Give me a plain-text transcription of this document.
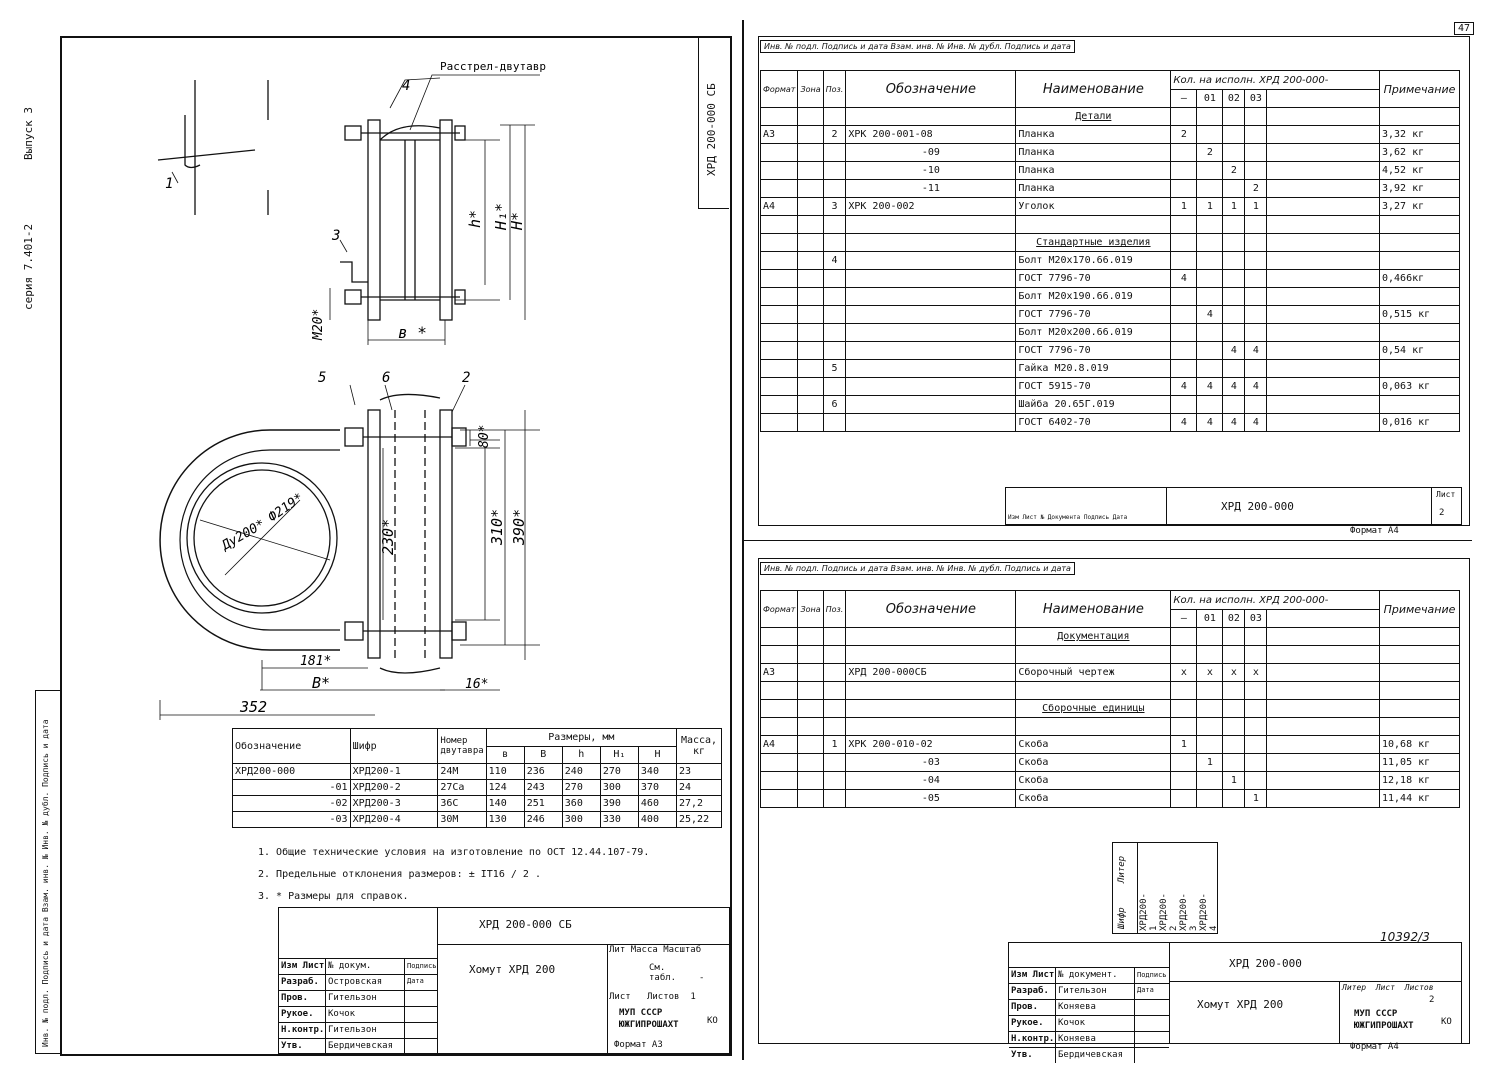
серия 7.401-2
Выпуск 3
Инв. № подл. Подпись и дата Взам. инв. № Инв. № дубл. Подпись и дата
ХРД 200-000 СБ
Расстрел-двутавр
4
1
3
5	6	2
в *
M20*
h* H₁*
H*
80*
230*	310* 390*
Дy200*
Ф219*
181*
B*
352
16*
Обозначение	Шифр	Номер двутавра	Размеры, мм					Масса, кг
			в	B	h	H₁	H	
ХРД200-000	ХРД200-1	24M	110	236	240	270	340	23
-01	ХРД200-2	27Cа	124	243	270	300	370	24
-02	ХРД200-3	36C	140	251	360	390	460	27,2
-03	ХРД200-4	30M	130	246	300	330	400	25,22
1. Общие технические условия на изготовление по ОСТ 12.44.107-79.
2. Предельные отклонения размеров: ± IT16 / 2 .
3. * Размеры для справок.
ХРД 200-000 СБ
Хомут ХРД 200
Лит Масса Масштаб
См. табл.	-
Лист Листов 1
МУП СССР
ЮЖГИПРОШАХТ	КО
Формат А3
Изм Лист № докум.	Подпись Дата
Разраб.	Островская
Пров.	Гительзон
Рукое.	Кочок
Н.контр. Гительзон
Утв.	Бердичевская
47
Инв. № подл. Подпись и дата Взам. инв. № Инв. № дубл. Подпись и дата
Формат	Зона	Поз.	Обозначение	Наименование	Кол. на исполн. ХРД 200-000-					Примечание
					–	01	02	03		
				Детали						
А3		2	ХРК 200-001-08	Планка	2					3,32 кг
			-09	Планка		2				3,62 кг
			-10	Планка			2			4,52 кг
			-11	Планка				2		3,92 кг
А4		3	ХРК 200-002	Уголок	1	1	1	1		3,27 кг

				Стандартные изделия						
		4		Болт М20х170.66.019						
				ГОСТ 7796-70	4					0,466кг
				Болт М20х190.66.019						
				ГОСТ 7796-70		4				0,515 кг
				Болт М20х200.66.019						
				ГОСТ 7796-70			4	4		0,54 кг
		5		Гайка М20.8.019						
				ГОСТ 5915-70	4	4	4	4		0,063 кг
		6		Шайба 20.65Г.019						
				ГОСТ 6402-70	4	4	4	4		0,016 кг
ХРД 200-000
Лист
2
Изм Лист № Документа Подпись Дата
Формат А4
Инв. № подл. Подпись и дата Взам. инв. № Инв. № дубл. Подпись и дата
Формат	Зона	Поз.	Обозначение	Наименование	Кол. на исполн. ХРД 200-000-					Примечание
					–	01	02	03		
				Документация						

А3			ХРД 200-000СБ	Сборочный чертеж	x	x	x	x		

				Сборочные единицы						

А4		1	ХРК 200-010-02	Скоба	1					10,68 кг
			-03	Скоба		1				11,05 кг
			-04	Скоба			1			12,18 кг
			-05	Скоба				1		11,44 кг
Литер
Шифр ХРД200-1 ХРД200-2 ХРД200-3 ХРД200-4
10392/3
ХРД 200-000
Хомут ХРД 200
Литер Лист Листов
2
МУП СССР
ЮЖГИПРОШАХТ	КО
Изм Лист № документ.	Подпись Дата
Разраб.	Гительзон
Пров.	Коняева
Рукое.	Кочок
Н.контр. Коняева
Утв.	Бердичевская
Формат А4
